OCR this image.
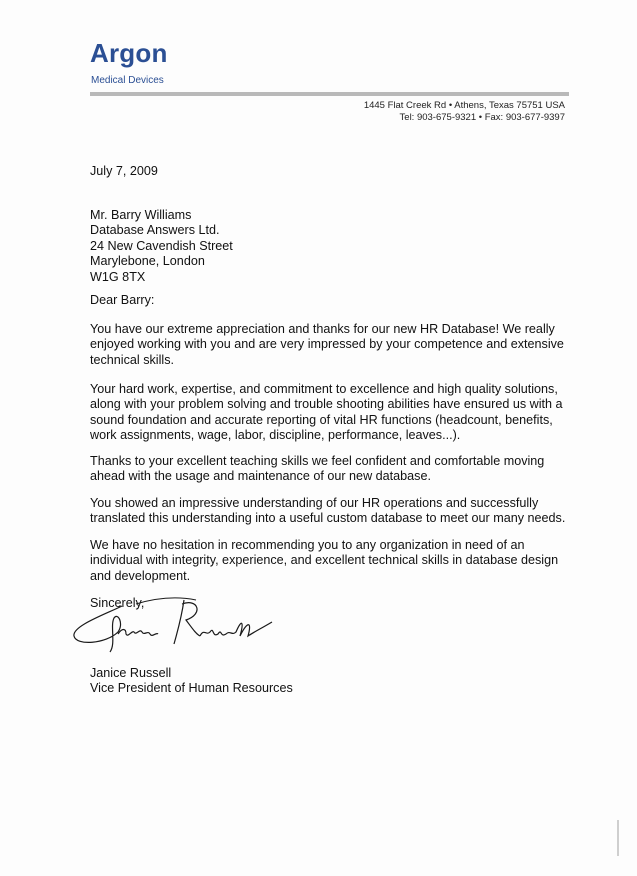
Argon
Medical Devices
1445 Flat Creek Rd • Athens, Texas 75751 USA
Tel: 903-675-9321 • Fax: 903-677-9397
July 7, 2009
Mr. Barry Williams
Database Answers Ltd.
24 New Cavendish Street
Marylebone, London
W1G 8TX
Dear Barry:
You have our extreme appreciation and thanks for our new HR Database! We really enjoyed working with you and are very impressed by your competence and extensive technical skills.
Your hard work, expertise, and commitment to excellence and high quality solutions, along with your problem solving and trouble shooting abilities have ensured us with a sound foundation and accurate reporting of vital HR functions (headcount, benefits, work assignments, wage, labor, discipline, performance, leaves...).
Thanks to your excellent teaching skills we feel confident and comfortable moving ahead with the usage and maintenance of our new database.
You showed an impressive understanding of our HR operations and successfully translated this understanding into a useful custom database to meet our many needs.
We have no hesitation in recommending you to any organization in need of an individual with integrity, experience, and excellent technical skills in database design and development.
Sincerely,
Janice Russell
Vice President of Human Resources
